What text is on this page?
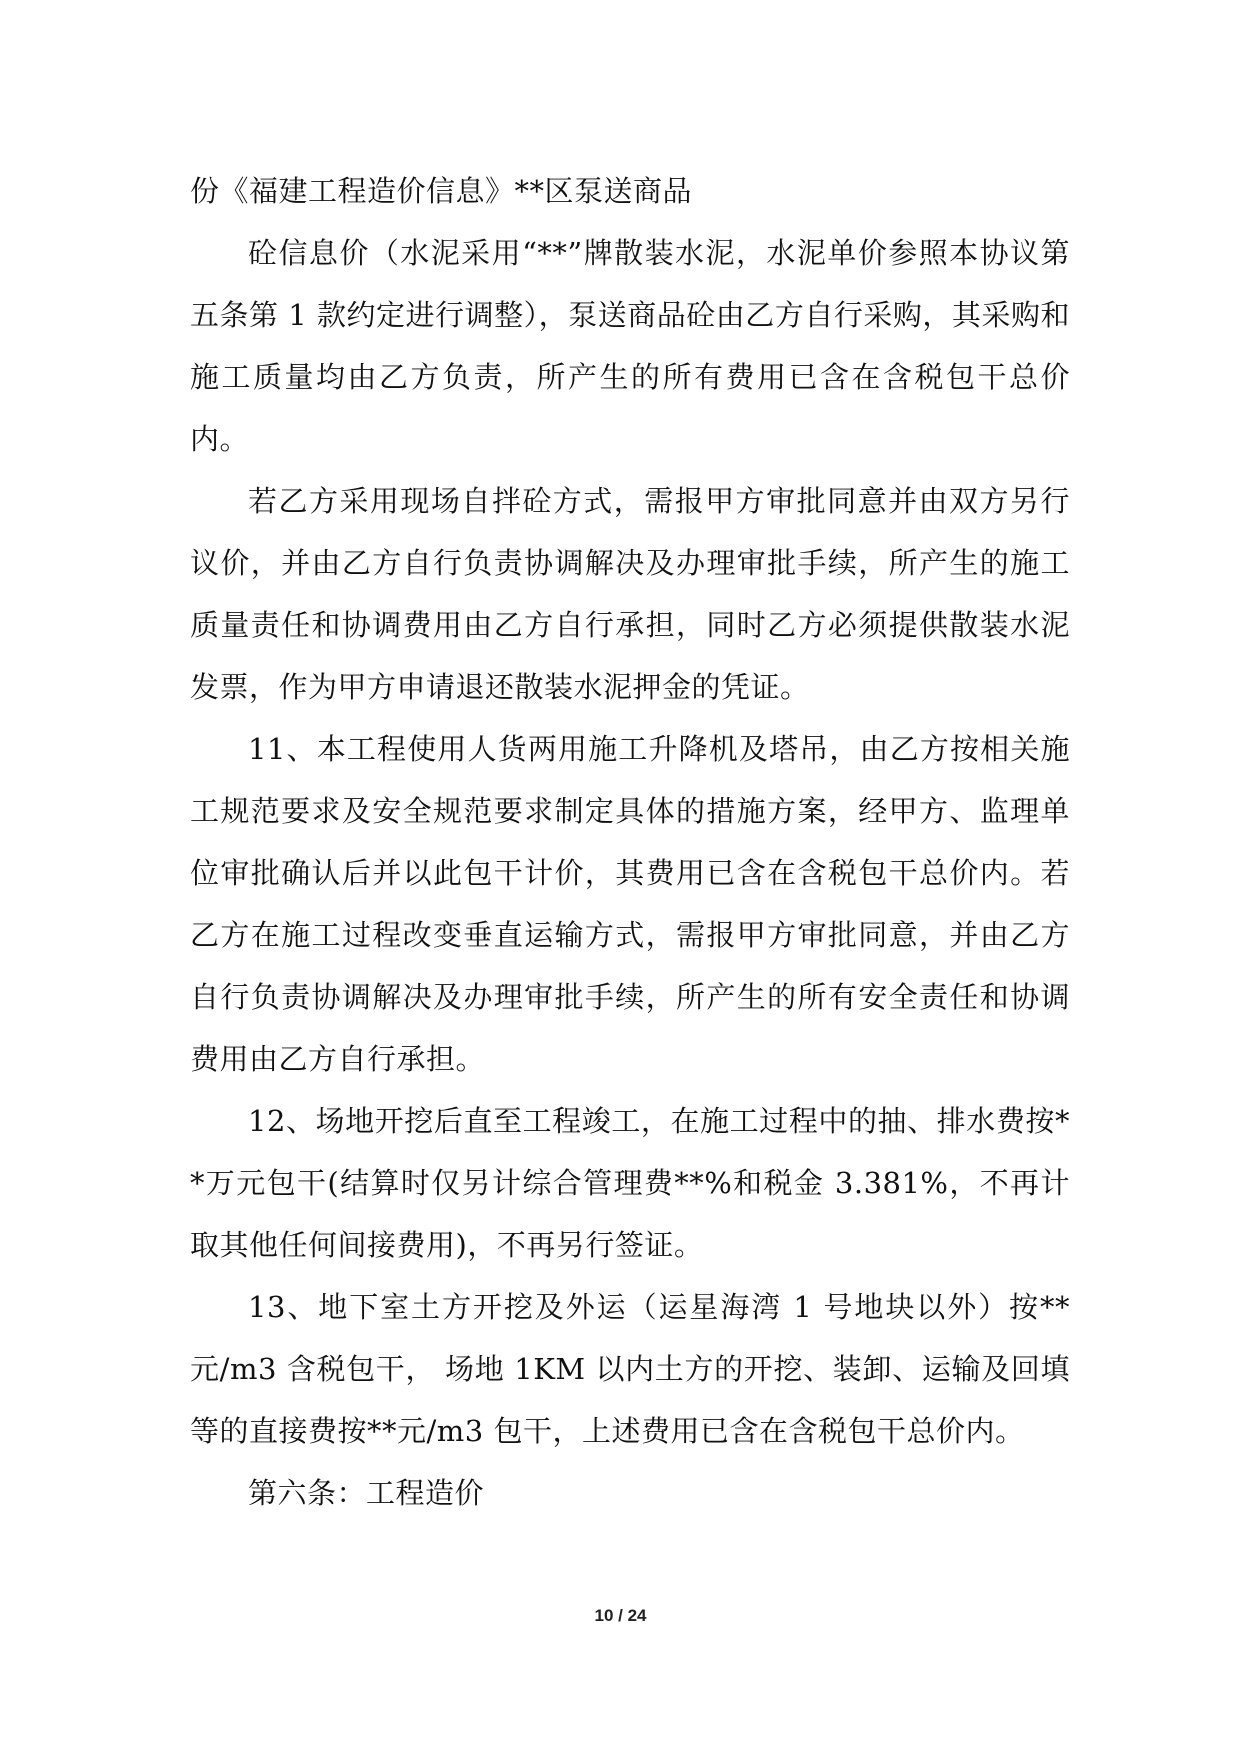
份《福建工程造价信息》**区泵送商品

砼信息价（水泥采用“**”牌散装水泥，水泥单价参照本协议第五条第 1 款约定进行调整），泵送商品砼由乙方自行采购，其采购和施工质量均由乙方负责，所产生的所有费用已含在含税包干总价内。

若乙方采用现场自拌砼方式，需报甲方审批同意并由双方另行议价，并由乙方自行负责协调解决及办理审批手续，所产生的施工质量责任和协调费用由乙方自行承担，同时乙方必须提供散装水泥发票，作为甲方申请退还散装水泥押金的凭证。

11、本工程使用人货两用施工升降机及塔吊，由乙方按相关施工规范要求及安全规范要求制定具体的措施方案，经甲方、监理单位审批确认后并以此包干计价，其费用已含在含税包干总价内。若乙方在施工过程改变垂直运输方式，需报甲方审批同意，并由乙方自行负责协调解决及办理审批手续，所产生的所有安全责任和协调费用由乙方自行承担。

12、场地开挖后直至工程竣工，在施工过程中的抽、排水费按**万元包干(结算时仅另计综合管理费**%和税金 3.381%，不再计取其他任何间接费用)，不再另行签证。

13、地下室土方开挖及外运（运星海湾 1 号地块以外）按**元/m3 含税包干， 场地 1KM 以内土方的开挖、装卸、运输及回填等的直接费按**元/m3 包干，上述费用已含在含税包干总价内。

第六条：工程造价

10 / 24
